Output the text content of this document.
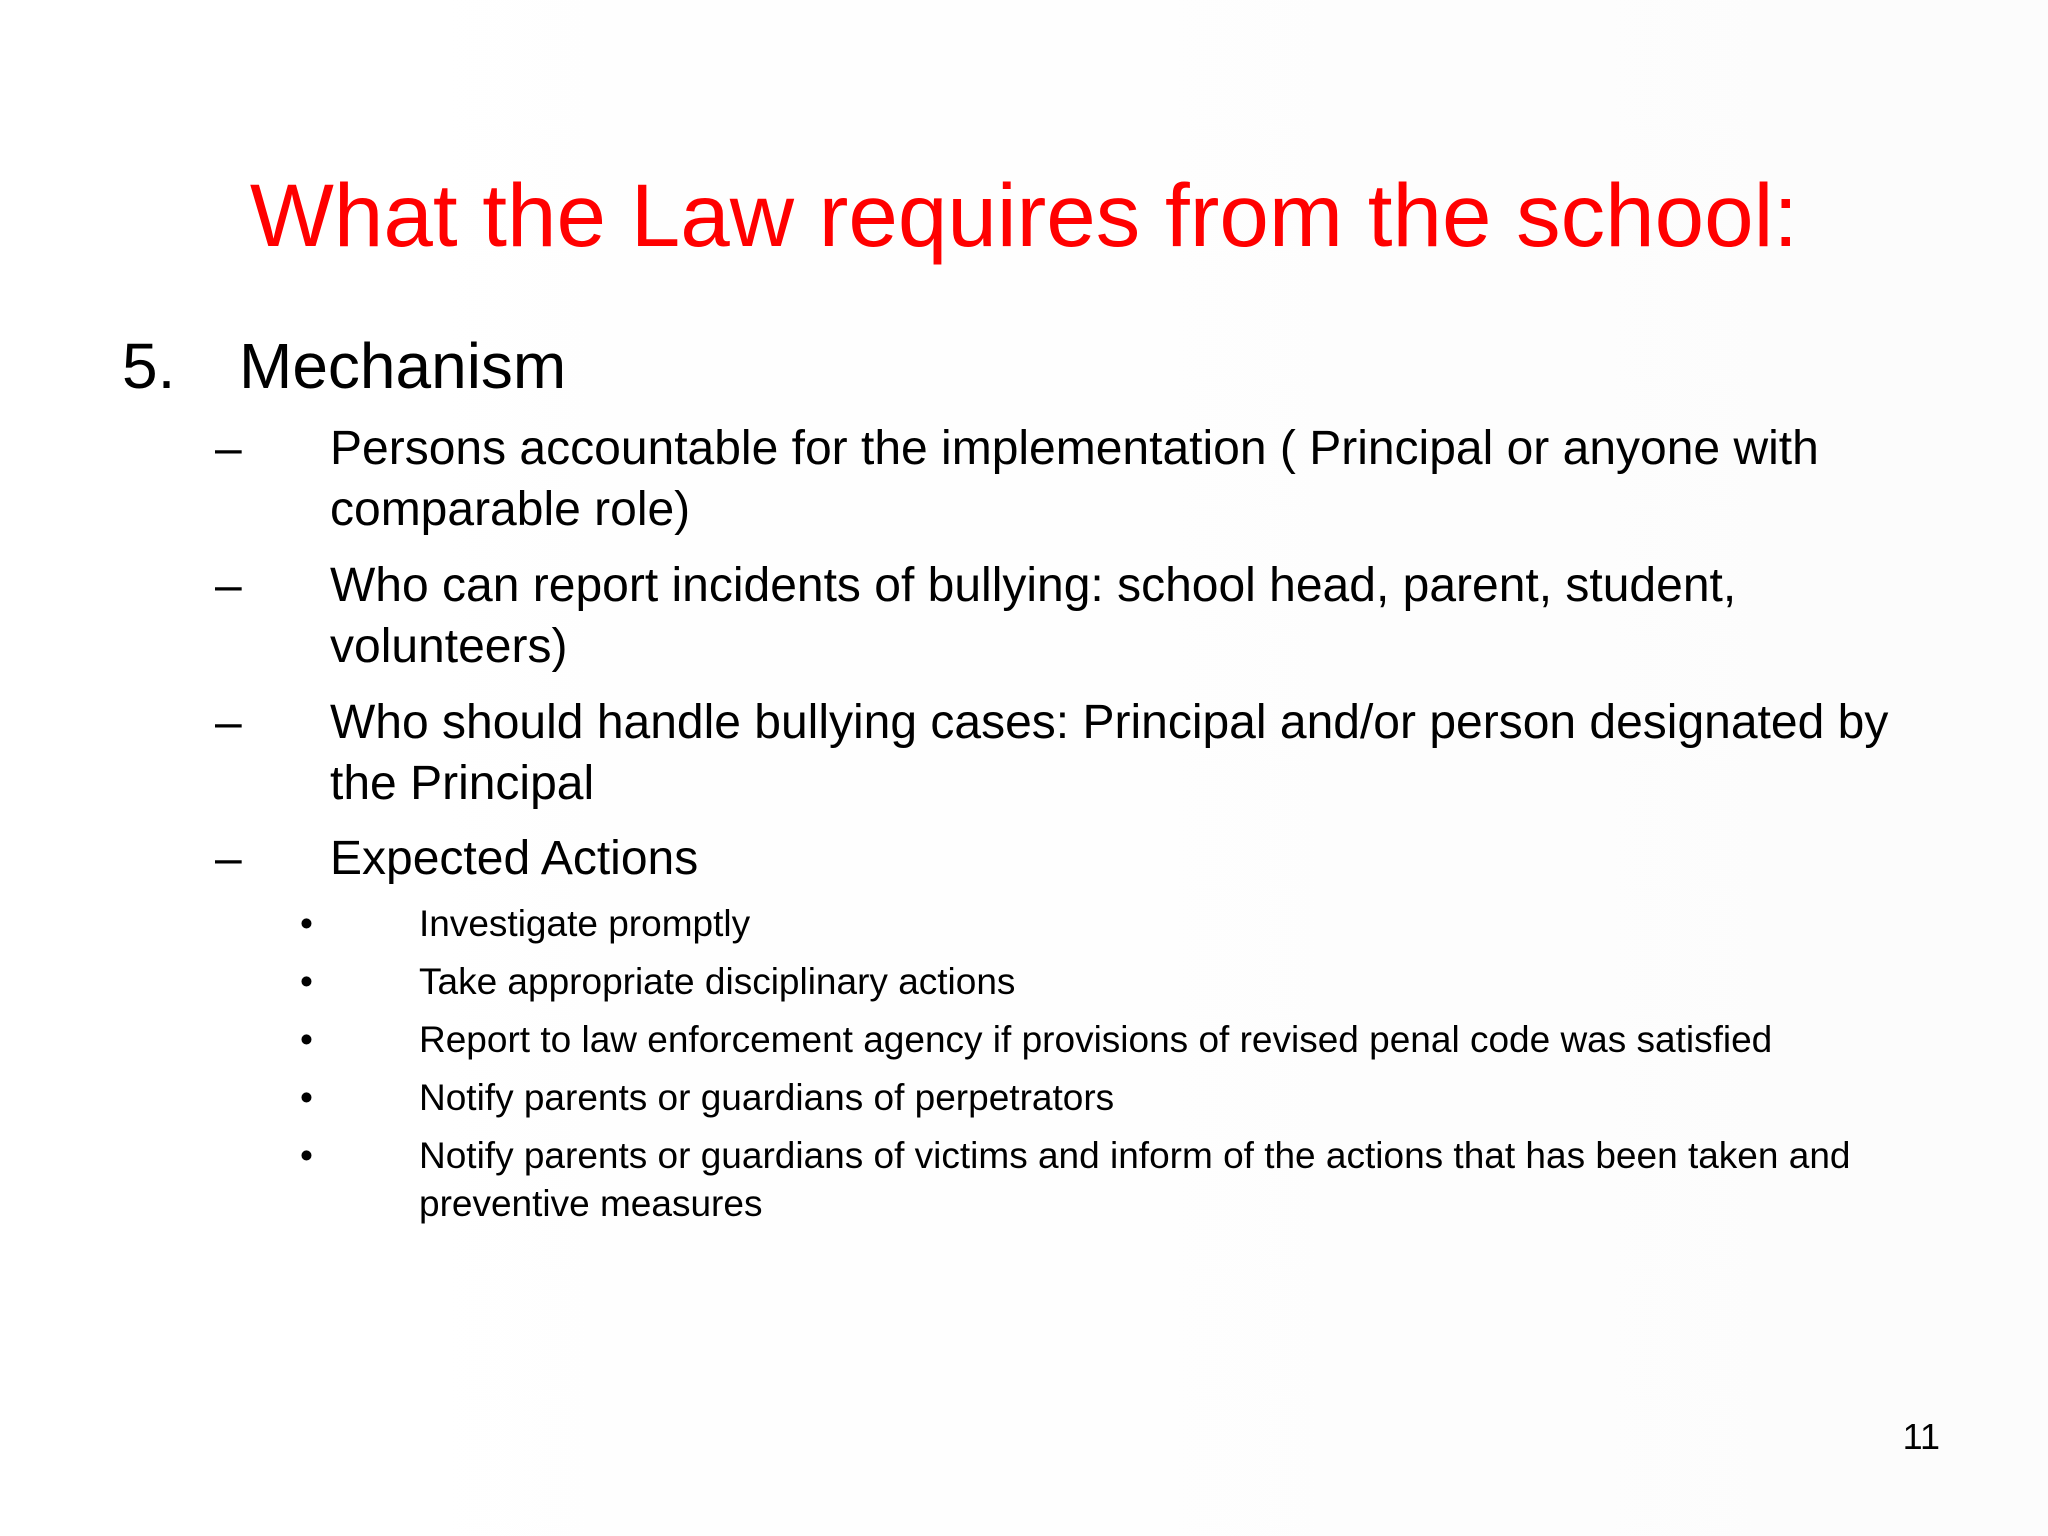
What the Law requires from the school:
5. Mechanism
– Persons accountable for the implementation ( Principal or anyone with comparable role)
– Who can report incidents of bullying: school head, parent, student, volunteers)
– Who should handle bullying cases: Principal and/or person designated by the Principal
– Expected Actions
•	Investigate promptly
•	Take appropriate disciplinary actions
•	Report to law enforcement agency if provisions of revised penal code was satisfied
•	Notify parents or guardians of perpetrators
•	Notify parents or guardians of victims and inform of the actions that has been taken and preventive measures
11
